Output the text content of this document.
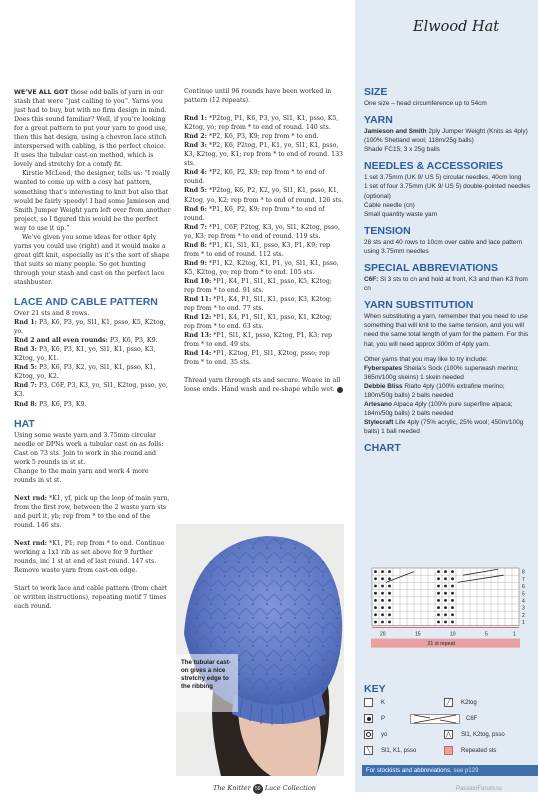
WE’VE ALL GOT those odd balls of yarn in our stash that were “just calling to you”. Yarns you just had to buy, but with no firm design in mind. Does this sound familiar? Well, if you’re looking for a great pattern to put your yarn to good use, then this hat design, using a chevron lace stitch interspersed with cabling, is the perfect choice. It uses the tubular cast-on method, which is lovely and stretchy for a comfy fit.

Kirstie McLeod, the designer, tells us: “I really wanted to come up with a cosy hat pattern, something that’s interesting to knit but also that would be fairly speedy! I had some Jamieson and Smith Jumper Weight yarn left over from another project, so I figured this would be the perfect way to use it up.”

We’ve given you some ideas for other 4ply yarns you could use (right) and it would make a great gift knit, especially as it’s the sort of shape that suits so many people. So get hunting through your stash and cast on the perfect lace stashbuster.

LACE AND CABLE PATTERN

Over 21 sts and 8 rows.

Rnd 1: P3, K6, P3, yo, Sl1, K1, psso, K5, K2tog, yo.

Rnd 2 and all even rounds: P3, K6, P3, K9.

Rnd 3: P3, K6, P3, K1, yo, Sl1, K1, psso, K3, K2tog, yo, K1.

Rnd 5: P3, K6, P3, K2, yo, Sl1, K1, psso, K1, K2tog, yo, K2.

Rnd 7: P3, C6F, P3, K3, yo, Sl1, K2tog, psso, yo, K3.

Rnd 8: P3, K6, P3, K9.

HAT

Using some waste yarn and 3.75mm circular needle or DPNs work a tubular cast on as folls:

Cast on 73 sts. Join to work in the round and work 5 rounds in st st.

Change to the main yarn and work 4 more rounds in st st.

Next rnd: *K1, yf, pick up the loop of main yarn, from the first row, between the 2 waste yarn sts and purl it, yb; rep from * to the end of the round. 146 sts.

Next rnd: *K1, P1; rep from * to end. Continue working a 1x1 rib as set above for 9 further rounds, inc 1 st at end of last round. 147 sts.

Remove waste yarn from cast-on edge.

Start to work lace and cable pattern (from chart or written instructions), repeating motif 7 times each round.

Continue until 96 rounds have been worked in pattern (12 repeats).

Rnd 1: *P2tog, P1, K6, P3, yo, Sl1, K1, psso, K5, K2tog, yo; rep from * to end of round. 140 sts.

Rnd 2: *P2, K6, P3, K9; rep from * to end.

Rnd 3: *P2, K6, P2tog, P1, K1, yo, Sl1, K1, psso, K3, K2tog, yo, K1; rep from * to end of round. 133 sts.

Rnd 4: *P2, K6, P2, K9; rep from * to end of round.

Rnd 5: *P2tog, K6, P2, K2, yo, Sl1, K1, psso, K1, K2tog, yo, K2; rep from * to end of round. 126 sts.

Rnd 6: *P1, K6, P2, K9; rep from * to end of round.

Rnd 7: *P1, C6F, P2tog, K3, yo, Sl1, K2tog, psso, yo, K3; rep from * to end of round. 119 sts.

Rnd 8: *P1, K1, Sl1, K1, psso, K3, P1, K9; rep from * to end of round. 112 sts.

Rnd 9: *P1, K2, K2tog, K1, P1, yo, Sl1, K1, psso, K5, K2tog, yo; rep from * to end. 105 sts.

Rnd 10: *P1, K4, P1, Sl1, K1, psso, K5, K2tog; rep from * to end. 91 sts.

Rnd 11: *P1, K4, P1, Sl1, K1, psso, K3, K2tog; rep from * to end. 77 sts.

Rnd 12: *P1, K4, P1, Sl1, K1, psso, K1, K2tog; rep from * to end. 63 sts.

Rnd 13: *P1, Sl1, K1, psso, K2tog, P1, K3; rep from * to end. 49 sts.

Rnd 14: *P1, K2tog, P1, Sl1, K2tog, psso; rep from * to end. 35 sts.

Thread yarn through sts and secure. Weave in all loose ends. Hand wash and re-shape while wet.

The tubular cast-on gives a nice stretchy edge to the ribbing
Elwood Hat
SIZE

One size – head circumference up to 54cm

YARN

Jamieson and Smith 2ply Jumper Weight (Knits as 4ply) (100% Shetland wool; 118m/25g balls)

Shade FC15; 3 x 25g balls

NEEDLES & ACCESSORIES

1 set 3.75mm (UK 9/ US 5) circular needles, 40cm long

1 set of four 3.75mm (UK 9/ US 5) double-pointed needles (optional)

Cable needle (cn)

Small quantity waste yarn

TENSION

28 sts and 40 rows to 10cm over cable and lace pattern using 3.75mm needles

SPECIAL ABBREVIATIONS

C6F: Sl 3 sts to cn and hold at front, K3 and then K3 from cn

YARN SUBSTITUTION

When substituting a yarn, remember that you need to use something that will knit to the same tension, and you will need the same total length of yarn for the pattern. For this hat, you will need approx 300m of 4ply yarn.

Other yarns that you may like to try include:

Fyberspates Sheila’s Sock (100% superwash merino; 365m/100g skeins) 1 skein needed

Debbie Bliss Rialto 4ply (100% extrafine merino; 180m/50g balls) 2 balls needed

Artesano Alpaca 4ply (100% pure superfine alpaca; 184m/50g balls) 2 balls needed

Stylecraft Life 4ply (75% acrylic, 25% wool; 450m/100g balls) 1 ball needed

CHART
8
7
6
5
4
3
2
1
20	15	10	5	1
21 st repeat
KEY
K
P
yo
╲	Sl1, K1, psso
╱	K2tog
C6F
⋀	Sl1, K2tog, psso
Repeated sts
For stockists and abbreviations, see p129
The Knitter 59 Lace Collection	PassionForum.ru
